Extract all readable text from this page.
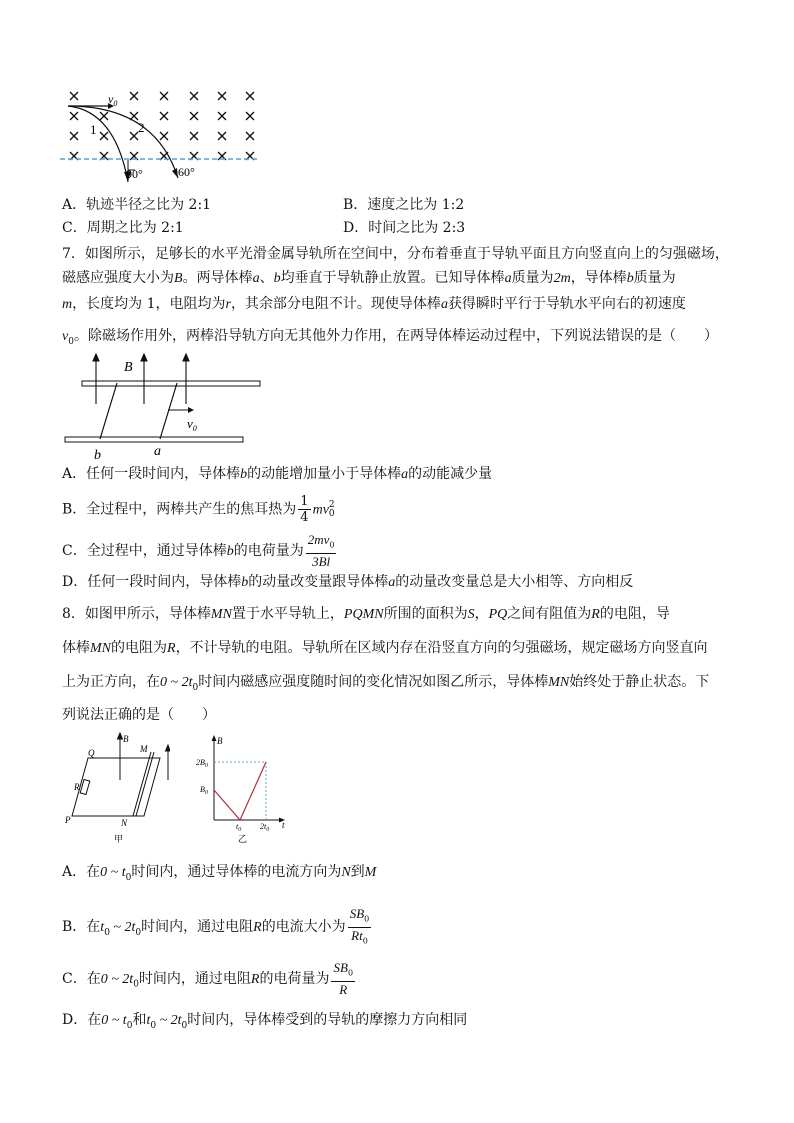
$v_0$
1	2
90°	60°
A．轨迹半径之比为 2:1	B．速度之比为 1:2
C．周期之比为 2:1	D．时间之比为 2:3
7．如图所示，足够长的水平光滑金属导轨所在空间中，分布着垂直于导轨平面且方向竖直向上的匀强磁场，
磁感应强度大小为B。两导体棒a、b均垂直于导轨静止放置。已知导体棒a质量为2m，导体棒b质量为
m，长度均为 1，电阻均为r，其余部分电阻不计。现使导体棒a获得瞬时平行于导轨水平向右的初速度
$v_0$。除磁场作用外，两棒沿导轨方向无其他外力作用，在两导体棒运动过程中，下列说法错误的是（　　）
B
$v_0$
a
b
A．任何一段时间内，导体棒b的动能增加量小于导体棒a的动能减少量
B．全过程中，两棒共产生的焦耳热为 $\frac{1}{4}$ mv 2
0
C．全过程中，通过导体棒b的电荷量为 $\frac{2mv_0}{3Bl}$
D．任何一段时间内，导体棒b的动量改变量跟导体棒a的动量改变量总是大小相等、方向相反
8．如图甲所示，导体棒MN置于水平导轨上，PQMN所围的面积为S，PQ之间有阻值为R的电阻，导
体棒MN的电阻为R，不计导轨的电阻。导轨所在区域内存在沿竖直方向的匀强磁场，规定磁场方向竖直向
上为正方向，在0 ~ $2t_0$时间内磁感应强度随时间的变化情况如图乙所示，导体棒MN始终处于静止状态。下
列说法正确的是（　　）
Q
B
M
R
P	N
甲
B
$2B_0$
$B_0$
$t_0$ $2t_0$ t
乙
A．在0 ~ $t_0$时间内，通过导体棒的电流方向为N到M
B．在$t_0$ ~ $2t_0$时间内，通过电阻R的电流大小为 $\frac{SB_0}{Rt_0}$
C．在0 ~ $2t_0$时间内，通过电阻R的电荷量为 $\frac{SB_0}{R}$
D．在0 ~ $t_0$和$t_0$ ~ $2t_0$时间内，导体棒受到的导轨的摩擦力方向相同
